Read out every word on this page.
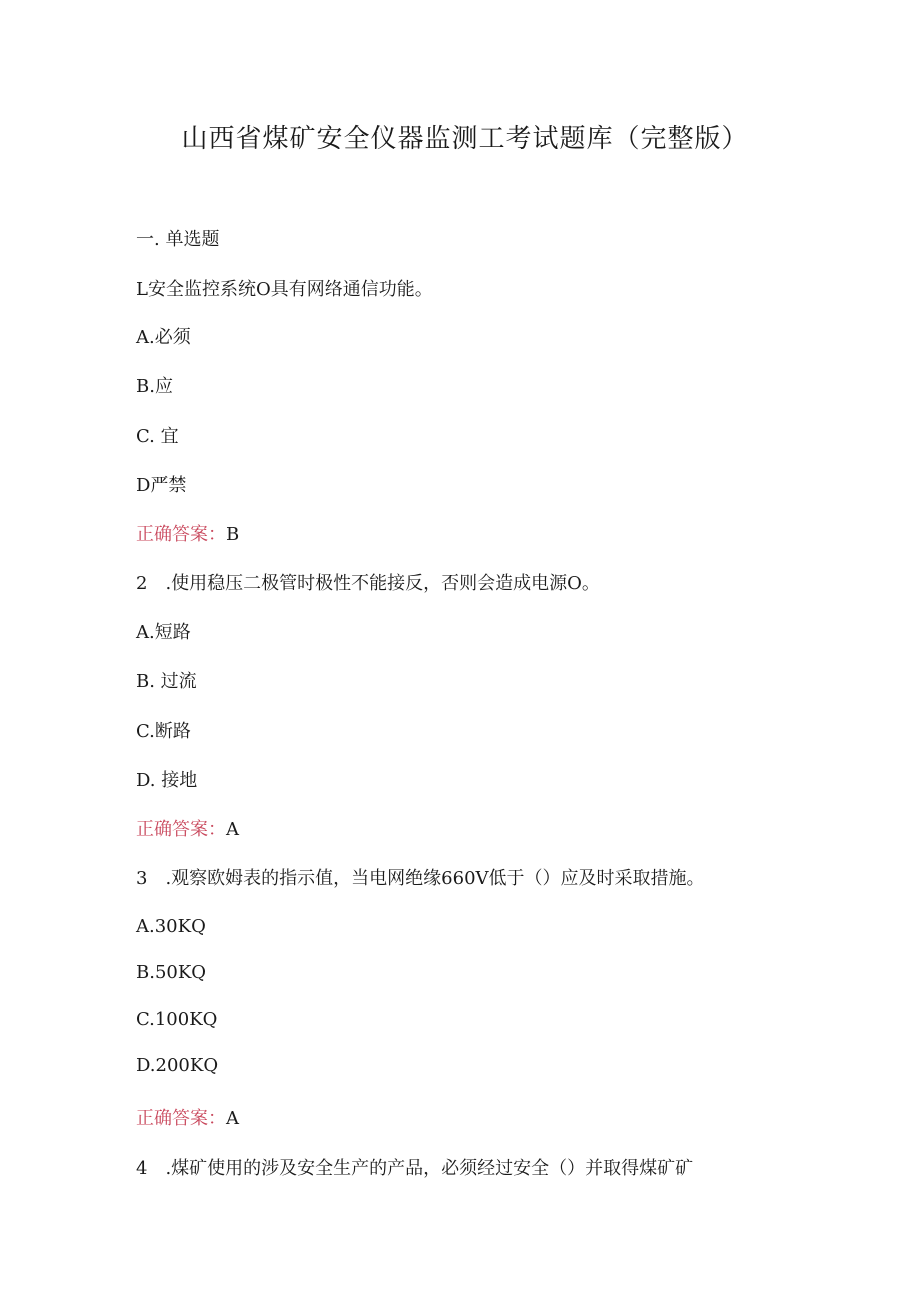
山西省煤矿安全仪器监测工考试题库（完整版）
一. 单选题
L安全监控系统O具有网络通信功能。
A.必须
B.应
C. 宜
D严禁
正确答案：B
2　.使用稳压二极管时极性不能接反，否则会造成电源O。
A.短路
B. 过流
C.断路
D. 接地
正确答案：A
3　.观察欧姆表的指示值，当电网绝缘660V低于（）应及时采取措施。
A.30KQ
B.50KQ
C.100KQ
D.200KQ
正确答案：A
4　.煤矿使用的涉及安全生产的产品，必须经过安全（）并取得煤矿矿
